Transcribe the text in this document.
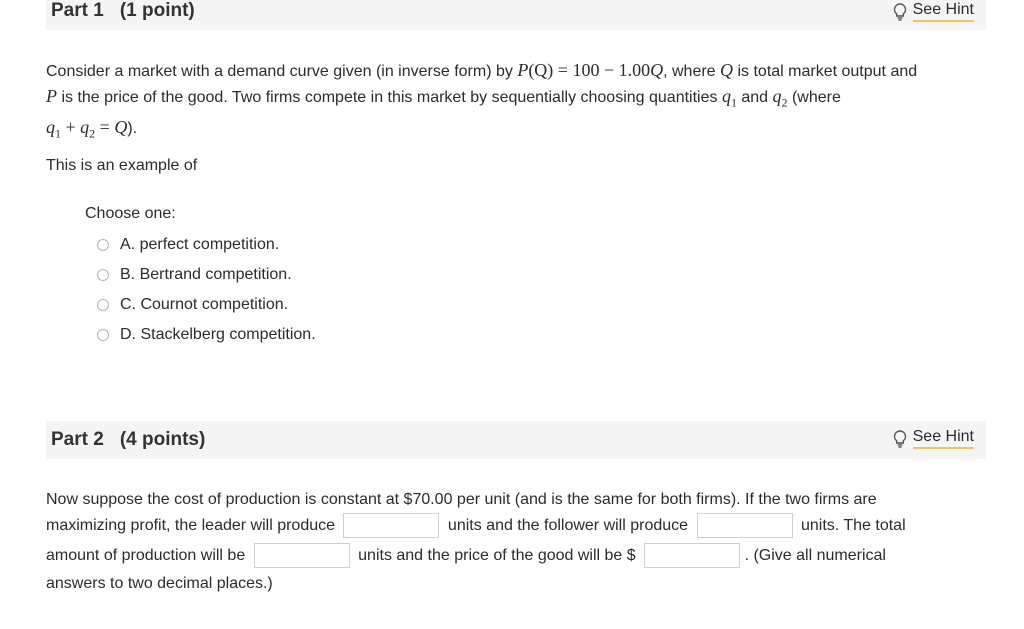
Part 1 (1 point)	See Hint
Consider a market with a demand curve given (in inverse form) by P(Q) = 100 − 1.00Q, where Q is total market output and
P is the price of the good. Two firms compete in this market by sequentially choosing quantities $q_1$ and $q_2$ (where
$q_1 + q_2 = Q$).
This is an example of
Choose one:
A. perfect competition.
B. Bertrand competition.
C. Cournot competition.
D. Stackelberg competition.
Part 2 (4 points)	See Hint
Now suppose the cost of production is constant at $70.00 per unit (and is the same for both firms). If the two firms are
maximizing profit, the leader will produce	units and the follower will produce	units. The total
amount of production will be	units and the price of the good will be $	. (Give all numerical
answers to two decimal places.)
